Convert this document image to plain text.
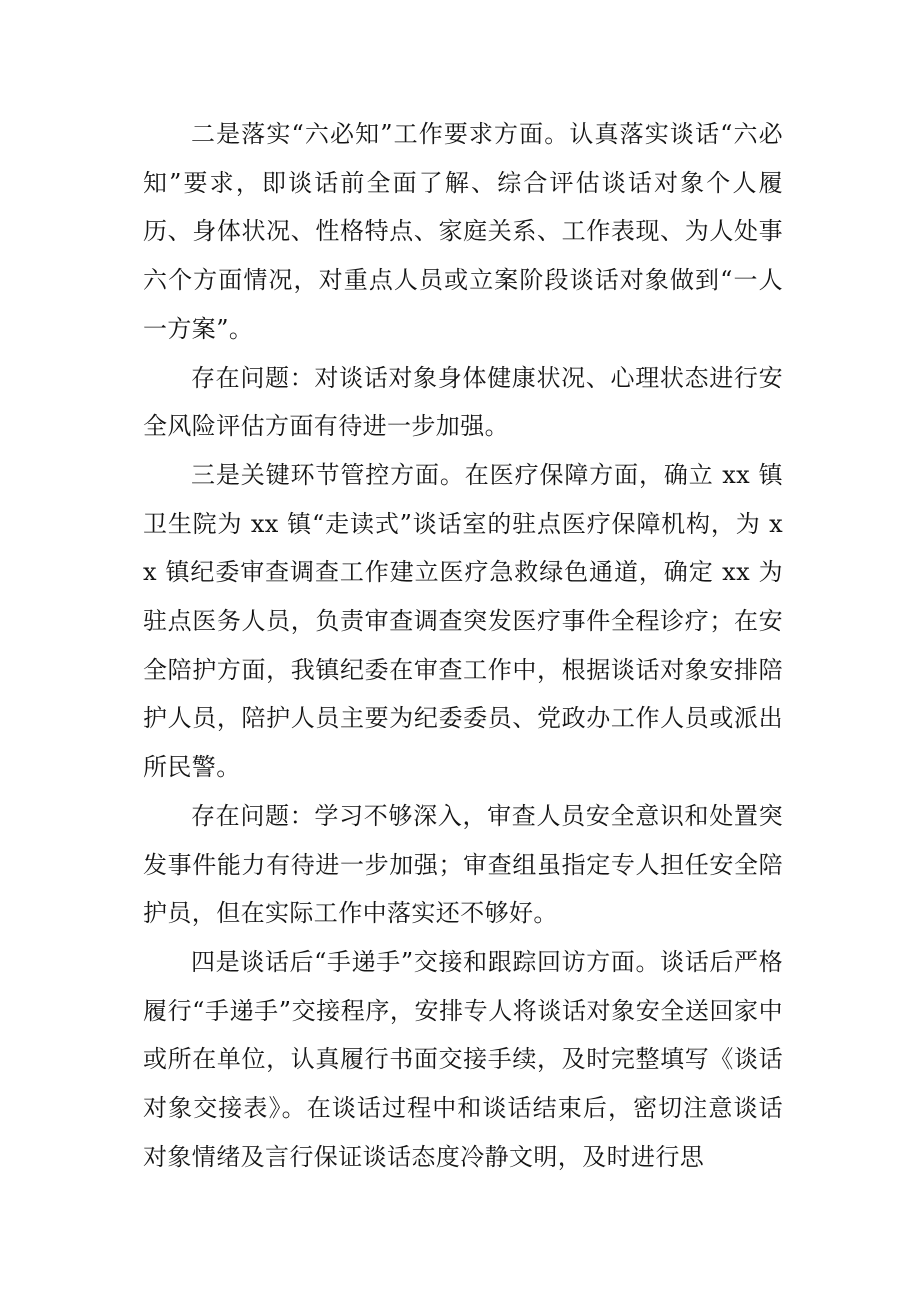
二是落实“六必知”工作要求方面。认真落实谈话“六必知”要求，即谈话前全面了解、综合评估谈话对象个人履历、身体状况、性格特点、家庭关系、工作表现、为人处事六个方面情况，对重点人员或立案阶段谈话对象做到“一人一方案”。

存在问题：对谈话对象身体健康状况、心理状态进行安全风险评估方面有待进一步加强。

三是关键环节管控方面。在医疗保障方面，确立 xx 镇卫生院为 xx 镇“走读式”谈话室的驻点医疗保障机构，为 xx 镇纪委审查调查工作建立医疗急救绿色通道，确定 xx 为驻点医务人员，负责审查调查突发医疗事件全程诊疗；在安全陪护方面，我镇纪委在审查工作中，根据谈话对象安排陪护人员，陪护人员主要为纪委委员、党政办工作人员或派出所民警。

存在问题：学习不够深入，审查人员安全意识和处置突发事件能力有待进一步加强；审查组虽指定专人担任安全陪护员，但在实际工作中落实还不够好。

四是谈话后“手递手”交接和跟踪回访方面。谈话后严格履行“手递手”交接程序，安排专人将谈话对象安全送回家中或所在单位，认真履行书面交接手续，及时完整填写《谈话对象交接表》。在谈话过程中和谈话结束后，密切注意谈话对象情绪及言行保证谈话态度冷静文明，及时进行思
